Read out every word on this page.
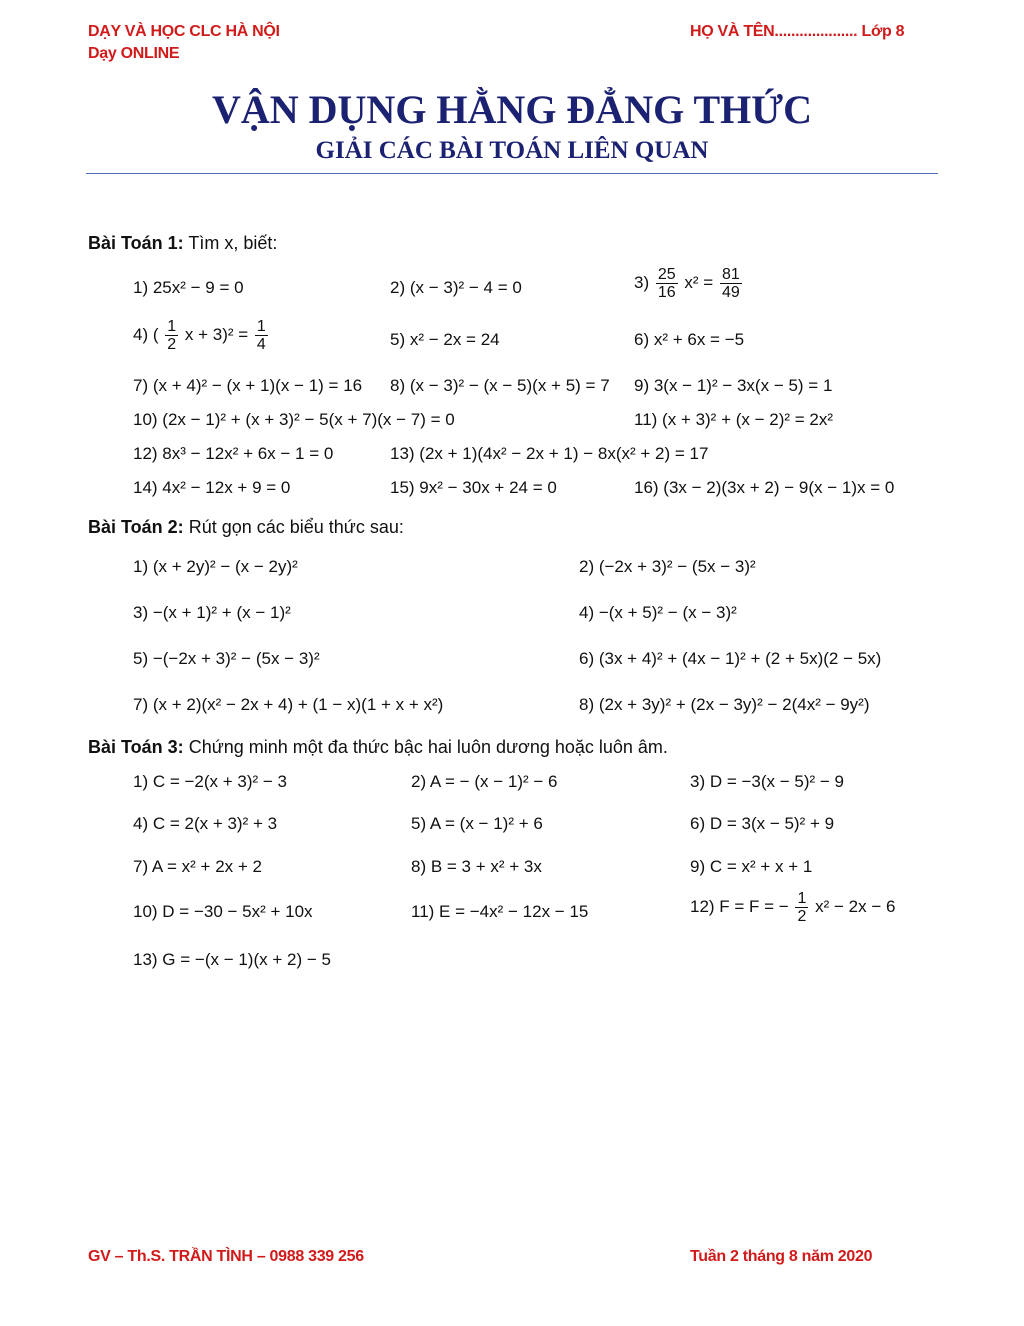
DẠY VÀ HỌC CLC HÀ NỘI
Dạy ONLINE
HỌ VÀ TÊN.................... Lớp 8
VẬN DỤNG HẰNG ĐẲNG THỨC
GIẢI CÁC BÀI TOÁN LIÊN QUAN
Bài Toán 1: Tìm x, biết:
1) 25x² − 9 = 0	2) (x − 3)² − 4 = 0	$3) \frac{25}{16} x^2 = \frac{81}{49}$
4) ( $\frac{1}{2}$ $x + 3)^2 = \frac{1}{4}$	5) x² − 2x = 24	6) x² + 6x = −5
7) (x + 4)² − (x + 1)(x − 1) = 16 8) (x − 3)² − (x − 5)(x + 5) = 7 9) 3(x − 1)² − 3x(x − 5) = 1
10) (2x − 1)² + (x + 3)² − 5(x + 7)(x − 7) = 0	11) (x + 3)² + (x − 2)² = 2x²
12) 8x³ − 12x² + 6x − 1 = 0	13) (2x + 1)(4x² − 2x + 1) − 8x(x² + 2) = 17
14) 4x² − 12x + 9 = 0	15) 9x² − 30x + 24 = 0	16) (3x − 2)(3x + 2) − 9(x − 1)x = 0
Bài Toán 2: Rút gọn các biểu thức sau:
1) (x + 2y)² − (x − 2y)²	2) (−2x + 3)² − (5x − 3)²
3) −(x + 1)² + (x − 1)²	4) −(x + 5)² − (x − 3)²
5) −(−2x + 3)² − (5x − 3)²	6) (3x + 4)² + (4x − 1)² + (2 + 5x)(2 − 5x)
7) (x + 2)(x² − 2x + 4) + (1 − x)(1 + x + x²)	8) (2x + 3y)² + (2x − 3y)² − 2(4x² − 9y²)
Bài Toán 3: Chứng minh một đa thức bậc hai luôn dương hoặc luôn âm.
1) C = −2(x + 3)² − 3	2) A = − (x − 1)² − 6	3) D = −3(x − 5)² − 9
4) C = 2(x + 3)² + 3	5) A = (x − 1)² + 6	6) D = 3(x − 5)² + 9
7) A = x² + 2x + 2	8) B = 3 + x² + 3x	9) C = x² + x + 1
10) D = −30 − 5x² + 10x	11) E = −4x² − 12x − 15	12) F = F = − $\frac{1}{2} x^2 - 2x - 6$
13) G = −(x − 1)(x + 2) − 5
GV – Th.S. TRẦN TÌNH – 0988 339 256	Tuần 2 tháng 8 năm 2020
